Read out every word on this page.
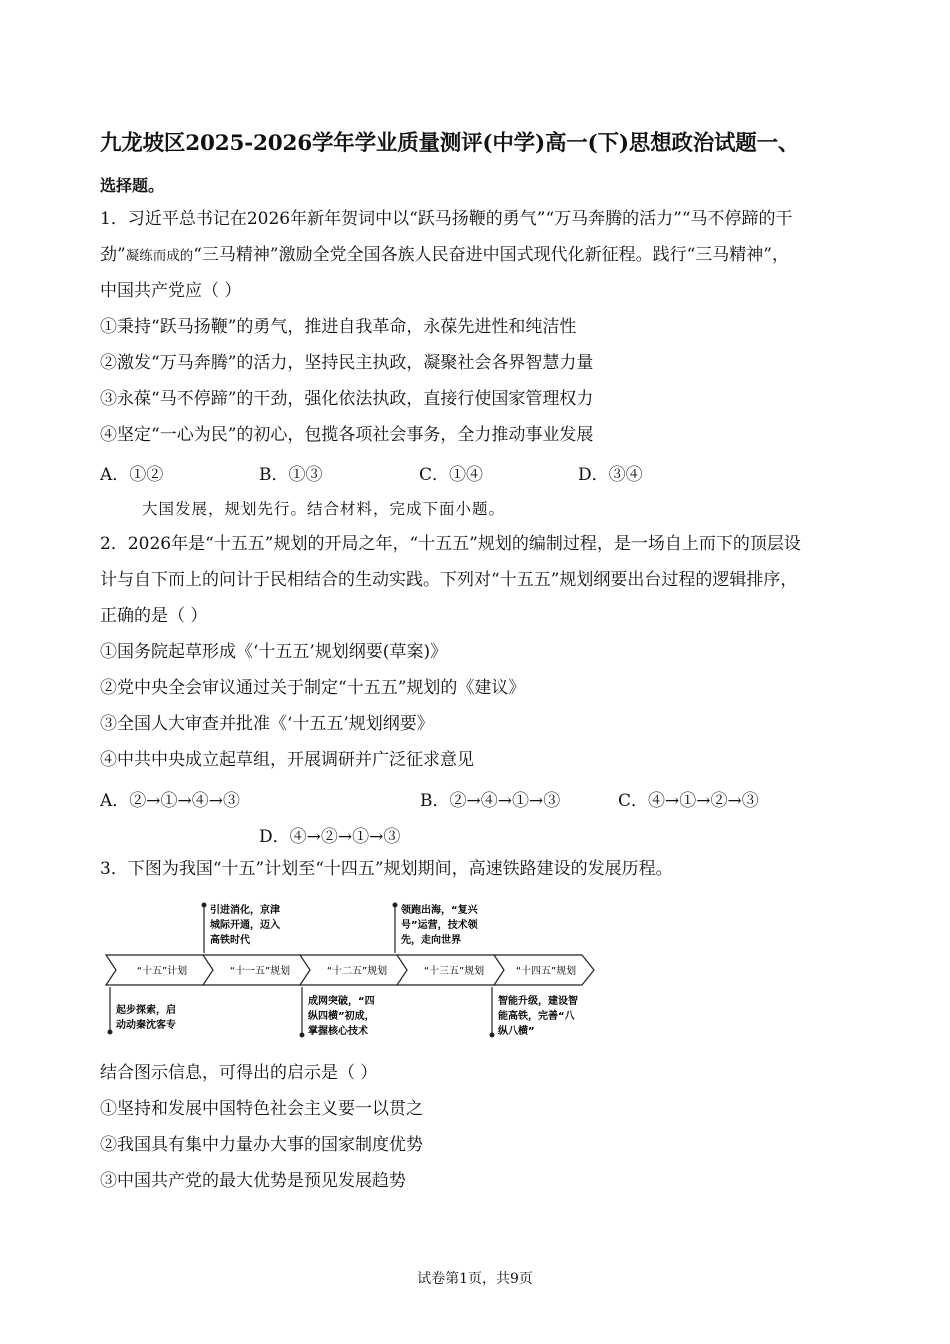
九龙坡区2025-2026学年学业质量测评(中学)高一(下)思想政治试题一、
选择题。
1．习近平总书记在2026年新年贺词中以“跃马扬鞭的勇气”“万马奔腾的活力”“马不停蹄的干
劲”凝练而成的“三马精神”激励全党全国各族人民奋进中国式现代化新征程。践行“三马精神”，
中国共产党应（ ）
①秉持“跃马扬鞭”的勇气，推进自我革命，永葆先进性和纯洁性
②激发“万马奔腾”的活力，坚持民主执政，凝聚社会各界智慧力量
③永葆“马不停蹄”的干劲，强化依法执政，直接行使国家管理权力
④坚定“一心为民”的初心，包揽各项社会事务，全力推动事业发展
A．①②	B．①③	C．①④	D．③④
大国发展，规划先行。结合材料，完成下面小题。
2．2026年是“十五五”规划的开局之年，“十五五”规划的编制过程，是一场自上而下的顶层设
计与自下而上的问计于民相结合的生动实践。下列对“十五五”规划纲要出台过程的逻辑排序，
正确的是（ ）
①国务院起草形成《‘十五五’规划纲要(草案)》
②党中央全会审议通过关于制定“十五五”规划的《建议》
③全国人大审查并批准《‘十五五’规划纲要》
④中共中央成立起草组，开展调研并广泛征求意见
A．②→①→④→③	B．②→④→①→③	C．④→①→②→③
D．④→②→①→③
3．下图为我国“十五”计划至“十四五”规划期间，高速铁路建设的发展历程。
“十五”计划	“十一五”规划	“十二五”规划	“十三五”规划	“十四五”规划
引进消化，京津
城际开通，迈入
高铁时代
领跑出海，“复兴
号”运营，技术领
先，走向世界
起步探索，启
动动秦沈客专
成网突破，“四
纵四横”初成，
掌握核心技术
智能升级，建设智
能高铁，完善“八
纵八横”
结合图示信息，可得出的启示是（ ）
①坚持和发展中国特色社会主义要一以贯之
②我国具有集中力量办大事的国家制度优势
③中国共产党的最大优势是预见发展趋势
试卷第1页，共9页
